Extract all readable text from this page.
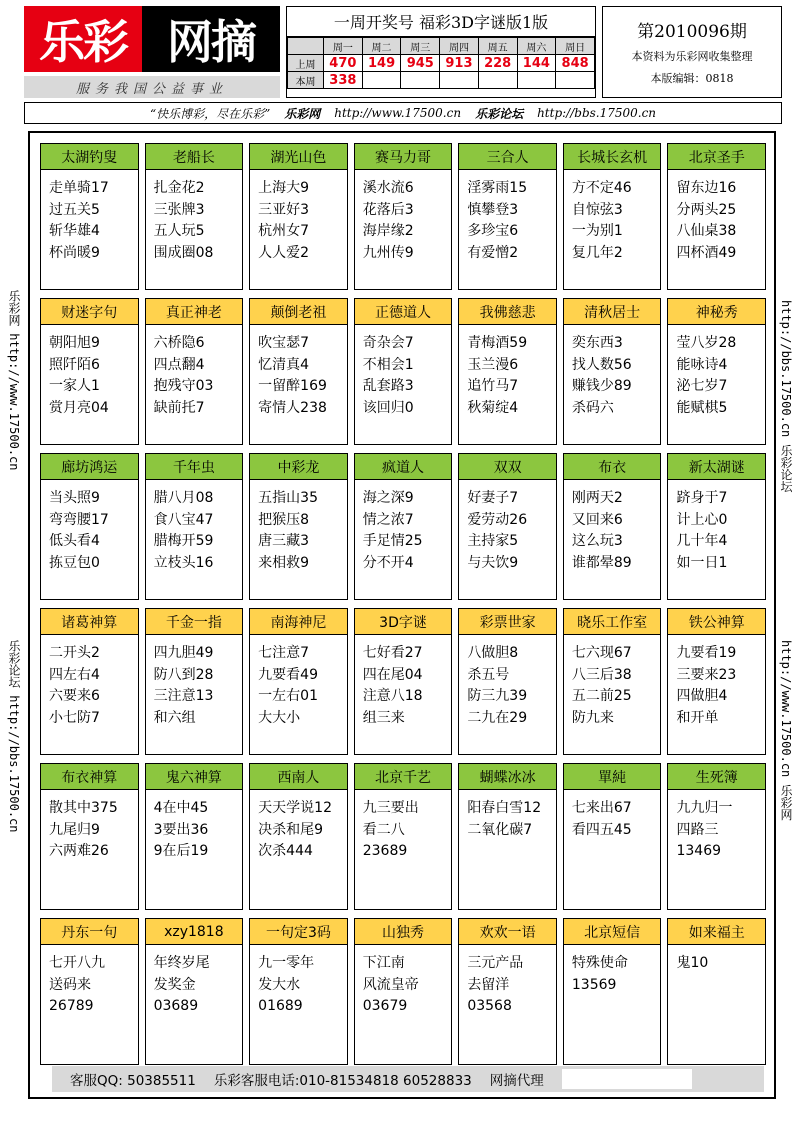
乐彩 网摘
服务我国公益事业
一周开奖号 福彩3D字谜版1版
	周一	周二	周三	周四	周五	周六	周日
上周	470	149	945	913	228	144	848
本周	338						
第2010096期
本资料为乐彩网收集整理
本版编辑：0818
“快乐博彩，尽在乐彩” 乐彩网 http://www.17500.cn 乐彩论坛 http://bbs.17500.cn
乐彩网 http://www.17500.cn
乐彩论坛 http://bbs.17500.cn
http://bbs.17500.cn 乐彩论坛
http://www.17500.cn 乐彩网
太湖钓叟
走单骑17
过五关5
斩华雄4
杯尚暖9
老船长
扎金花2
三张牌3
五人玩5
围成圈08
湖光山色
上海大9
三亚好3
杭州女7
人人爱2
赛马力哥
溪水流6
花落后3
海岸缘2
九州传9
三合人
淫雾雨15
慎攀登3
多珍宝6
有爱憎2
长城长玄机
方不定46
自惊弦3
一为别1
复几年2
北京圣手
留东边16
分两头25
八仙桌38
四杯酒49
财迷字句
朝阳旭9
照阡陌6
一家人1
赏月亮04
真正神老
六桥隐6
四点翻4
抱残守03
缺前托7
颠倒老祖
吹宝瑟7
忆清真4
一留醉169
寄情人238
正德道人
奇杂会7
不相会1
乱套路3
该回归0
我佛慈悲
青梅酒59
玉兰漫6
追竹马7
秋菊绽4
清秋居士
奕东西3
找人数56
赚钱少89
杀码六
神秘秀
莹八岁28
能咏诗4
泌七岁7
能赋棋5
廊坊鸿运
当头照9
弯弯腰17
低头看4
拣豆包0
千年虫
腊八月08
食八宝47
腊梅开59
立枝头16
中彩龙
五指山35
把猴压8
唐三藏3
来相救9
疯道人
海之深9
情之浓7
手足情25
分不开4
双双
好妻子7
爱劳动26
主持家5
与夫饮9
布衣
刚两天2
又回来6
这么玩3
谁都晕89
新太湖谜
跻身于7
计上心0
几十年4
如一日1
诸葛神算
二开头2
四左右4
六要来6
小七防7
千金一指
四九胆49
防八到28
三注意13
和六组
南海神尼
七注意7
九要看49
一左右01
大大小
3D字谜
七好看27
四在尾04
注意八18
组三来
彩票世家
八做胆8
杀五号
防三九39
二九在29
晓乐工作室
七六现67
八三后38
五二前25
防九来
铁公神算
九要看19
三要来23
四做胆4
和开单
布衣神算
散其中375
九尾归9
六两难26
鬼六神算
4在中45
3要出36
9在后19
西南人
天天学说12
决杀和尾9
次杀444
北京千艺
九三要出
看二八
23689
蝴蝶冰冰
阳春白雪12
二氧化碳7
單純
七来出67
看四五45
生死簿
九九归一
四路三
13469
丹东一句
七开八九
送码来
26789
xzy1818
年终岁尾
发奖金
03689
一句定3码
九一零年
发大水
01689
山独秀
下江南
风流皇帝
03679
欢欢一语
三元产品
去留洋
03568
北京短信
特殊使命
13569
如来福主
鬼10
客服QQ: 50385511 乐彩客服电话:010-81534818 60528833 网摘代理
